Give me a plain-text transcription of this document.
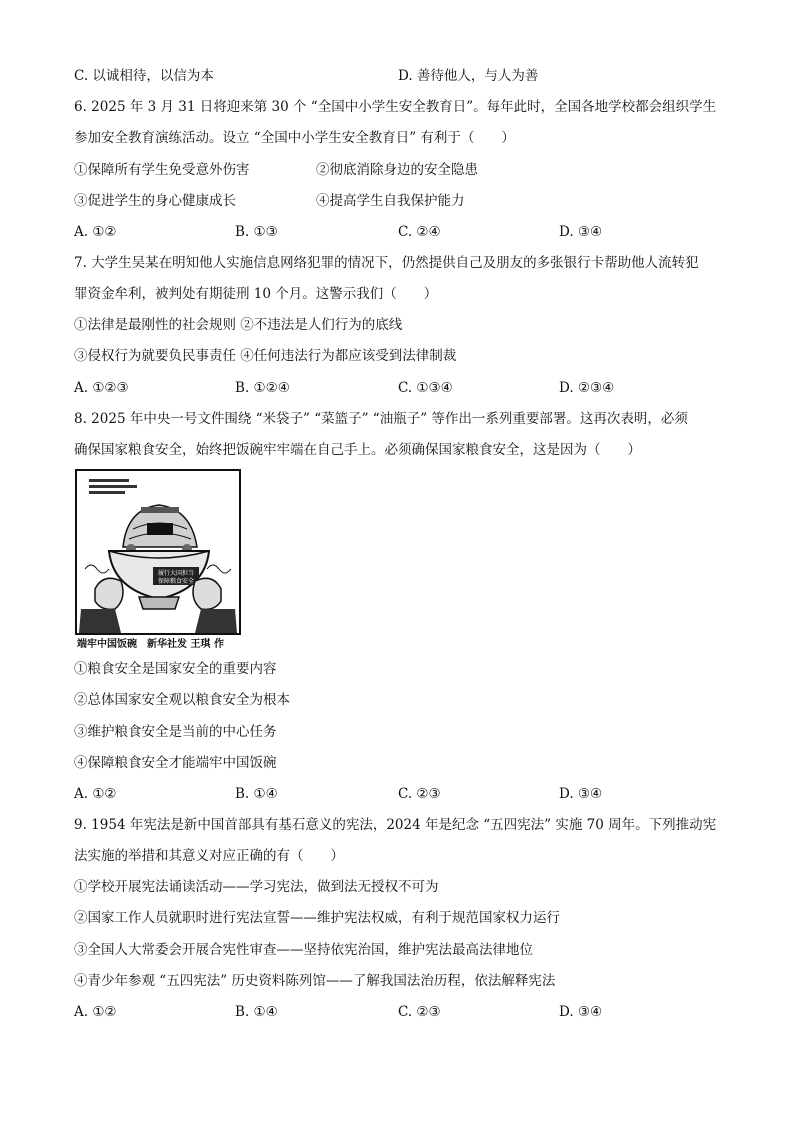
C. 以诚相待，以信为本	D. 善待他人，与人为善
6. 2025 年 3 月 31 日将迎来第 30 个 “全国中小学生安全教育日”。每年此时，全国各地学校都会组织学生
参加安全教育演练活动。设立 “全国中小学生安全教育日” 有利于（　　）
①保障所有学生免受意外伤害	②彻底消除身边的安全隐患
③促进学生的身心健康成长	④提高学生自我保护能力
A. ①②	B. ①③	C. ②④	D. ③④
7. 大学生吴某在明知他人实施信息网络犯罪的情况下，仍然提供自己及朋友的多张银行卡帮助他人流转犯
罪资金牟利，被判处有期徒刑 10 个月。这警示我们（　　）
①法律是最刚性的社会规则 ②不违法是人们行为的底线
③侵权行为就要负民事责任 ④任何违法行为都应该受到法律制裁
A. ①②③	B. ①②④	C. ①③④	D. ②③④
8. 2025 年中央一号文件围绕 “米袋子” “菜篮子” “油瓶子” 等作出一系列重要部署。这再次表明，必须
确保国家粮食安全，始终把饭碗牢牢端在自己手上。必须确保国家粮食安全，这是因为（　　）
履行大国担当
保障粮食安全
端牢中国饭碗　新华社发 王琪 作
①粮食安全是国家安全的重要内容
②总体国家安全观以粮食安全为根本
③维护粮食安全是当前的中心任务
④保障粮食安全才能端牢中国饭碗
A. ①②	B. ①④	C. ②③	D. ③④
9. 1954 年宪法是新中国首部具有基石意义的宪法，2024 年是纪念 “五四宪法” 实施 70 周年。下列推动宪
法实施的举措和其意义对应正确的有（　　）
①学校开展宪法诵读活动——学习宪法，做到法无授权不可为
②国家工作人员就职时进行宪法宣誓——维护宪法权威，有利于规范国家权力运行
③全国人大常委会开展合宪性审查——坚持依宪治国，维护宪法最高法律地位
④青少年参观 “五四宪法” 历史资料陈列馆——了解我国法治历程，依法解释宪法
A. ①②	B. ①④	C. ②③	D. ③④
